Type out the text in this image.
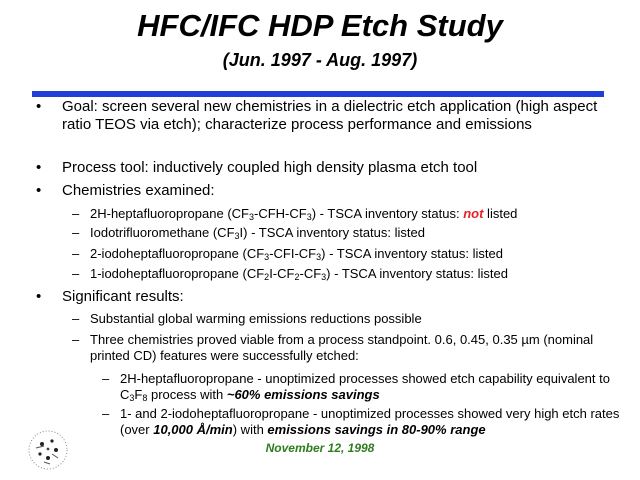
HFC/IFC HDP Etch Study
(Jun. 1997 - Aug. 1997)
• Goal: screen several new chemistries in a dielectric etch application (high aspect ratio TEOS via etch); characterize process performance and emissions
• Process tool: inductively coupled high density plasma etch tool
• Chemistries examined:
– 2H-heptafluoropropane $(CF_3-CFH-CF_3)$ - TSCA inventory status: not listed
– Iodotrifluoromethane $(CF_3I)$ - TSCA inventory status: listed
– 2-iodoheptafluoropropane $(CF_3-CFI-CF_3)$ - TSCA inventory status: listed
– 1-iodoheptafluoropropane $(CF_2I-CF_2-CF_3)$ - TSCA inventory status: listed
• Significant results:
– Substantial global warming emissions reductions possible
– Three chemistries proved viable from a process standpoint. 0.6, 0.45, 0.35 µm (nominal printed CD) features were successfully etched:
– 2H-heptafluoropropane - unoptimized processes showed etch capability equivalent to $C_3F_8$ process with ~60% emissions savings
– 1- and 2-iodoheptafluoropropane - unoptimized processes showed very high etch rates (over 10,000 Å/min) with emissions savings in 80-90% range
November 12, 1998
